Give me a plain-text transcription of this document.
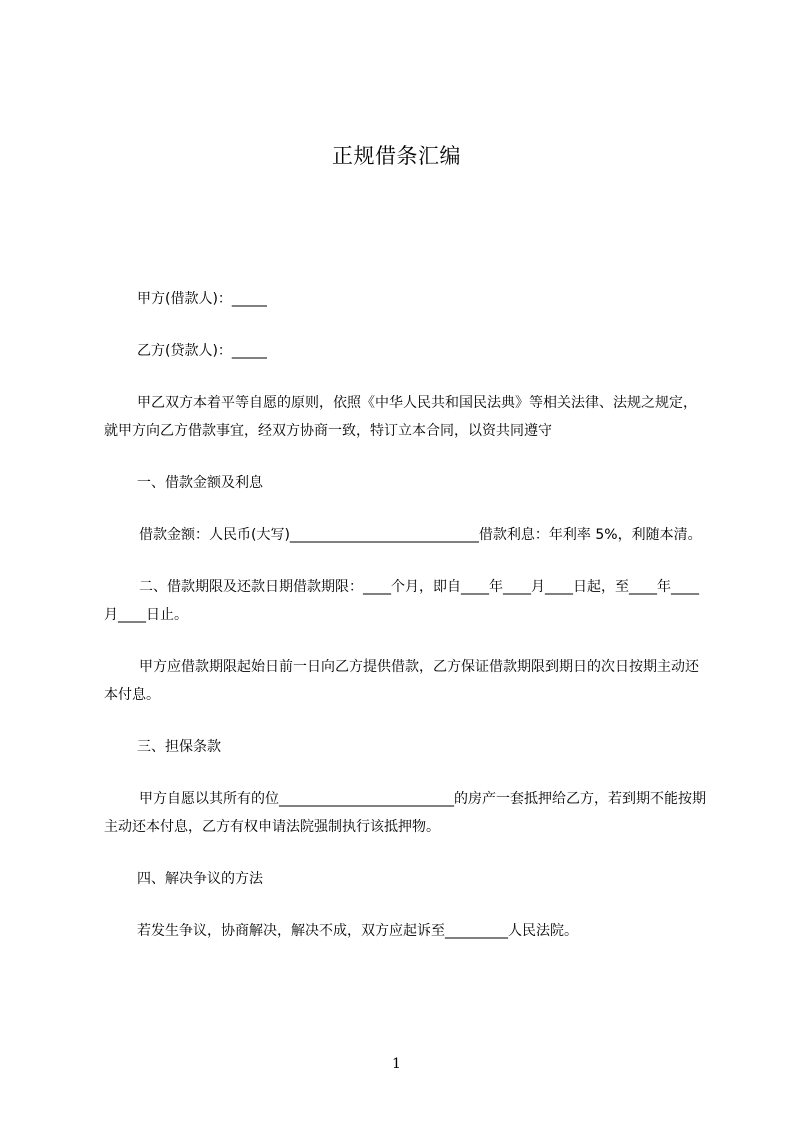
正规借条汇编

甲方(借款人)：_____

乙方(贷款人)：_____

甲乙双方本着平等自愿的原则，依照《中华人民共和国民法典》等相关法律、法规之规定，就甲方向乙方借款事宜，经双方协商一致，特订立本合同，以资共同遵守

一、借款金额及利息

借款金额：人民币(大写)___________________________借款利息：年利率 5%，利随本清。

二、借款期限及还款日期借款期限：____个月，即自____年____月____日起，至____年____月____日止。

甲方应借款期限起始日前一日向乙方提供借款，乙方保证借款期限到期日的次日按期主动还本付息。

三、担保条款

甲方自愿以其所有的位_________________________的房产一套抵押给乙方，若到期不能按期主动还本付息，乙方有权申请法院强制执行该抵押物。

四、解决争议的方法

若发生争议，协商解决，解决不成，双方应起诉至_________人民法院。

1
